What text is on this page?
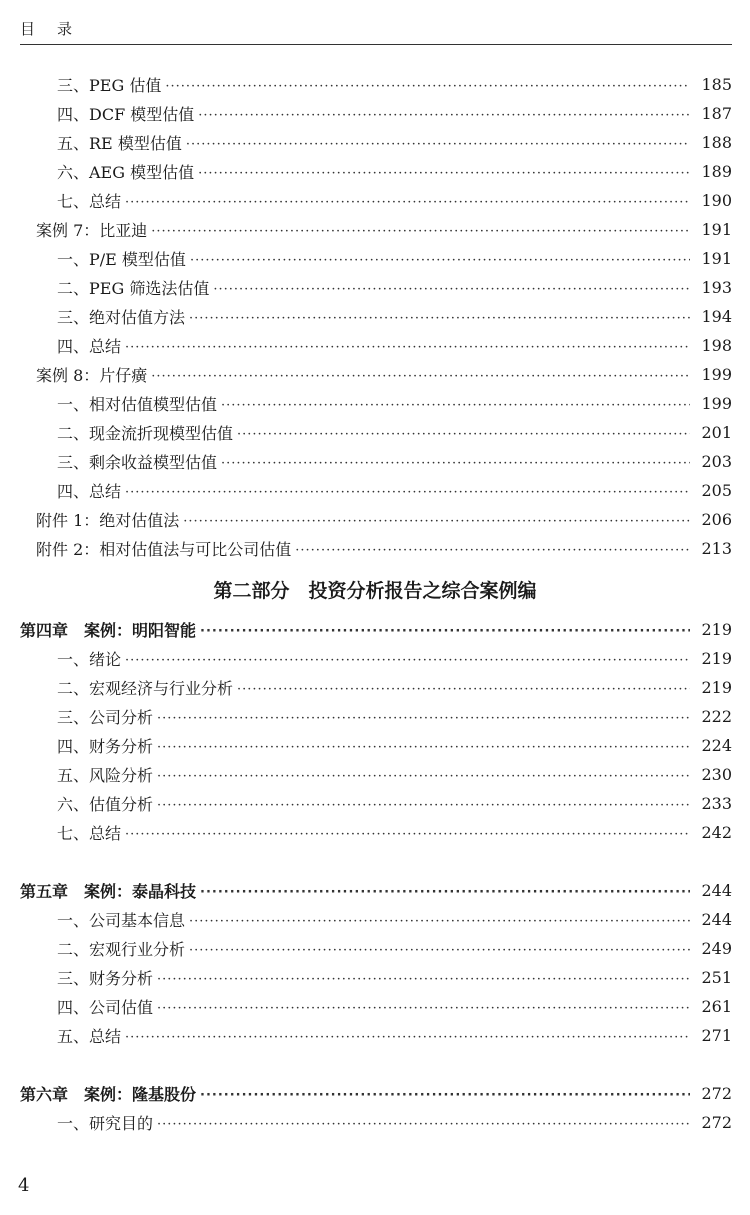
目录
三、PEG 估值 ·····	185
四、DCF 模型估值 ·····	187
五、RE 模型估值 ·····	188
六、AEG 模型估值 ·····	189
七、总结 ·····	190
案例 7：比亚迪 ·····	191
一、P/E 模型估值 ·····	191
二、PEG 筛选法估值 ·····	193
三、绝对估值方法 ·····	194
四、总结 ·····	198
案例 8：片仔癀 ·····	199
一、相对估值模型估值 ·····	199
二、现金流折现模型估值 ·····	201
三、剩余收益模型估值 ·····	203
四、总结 ·····	205
附件 1：绝对估值法 ·····	206
附件 2：相对估值法与可比公司估值 ·····	213
第二部分　投资分析报告之综合案例编
第四章　案例：明阳智能 ·····	219
一、绪论 ·····	219
二、宏观经济与行业分析 ·····	219
三、公司分析 ·····	222
四、财务分析 ·····	224
五、风险分析 ·····	230
六、估值分析 ·····	233
七、总结 ·····	242
第五章　案例：泰晶科技 ·····	244
一、公司基本信息 ·····	244
二、宏观行业分析 ·····	249
三、财务分析 ·····	251
四、公司估值 ·····	261
五、总结 ·····	271
第六章　案例：隆基股份 ·····	272
一、研究目的 ·····	272
4
